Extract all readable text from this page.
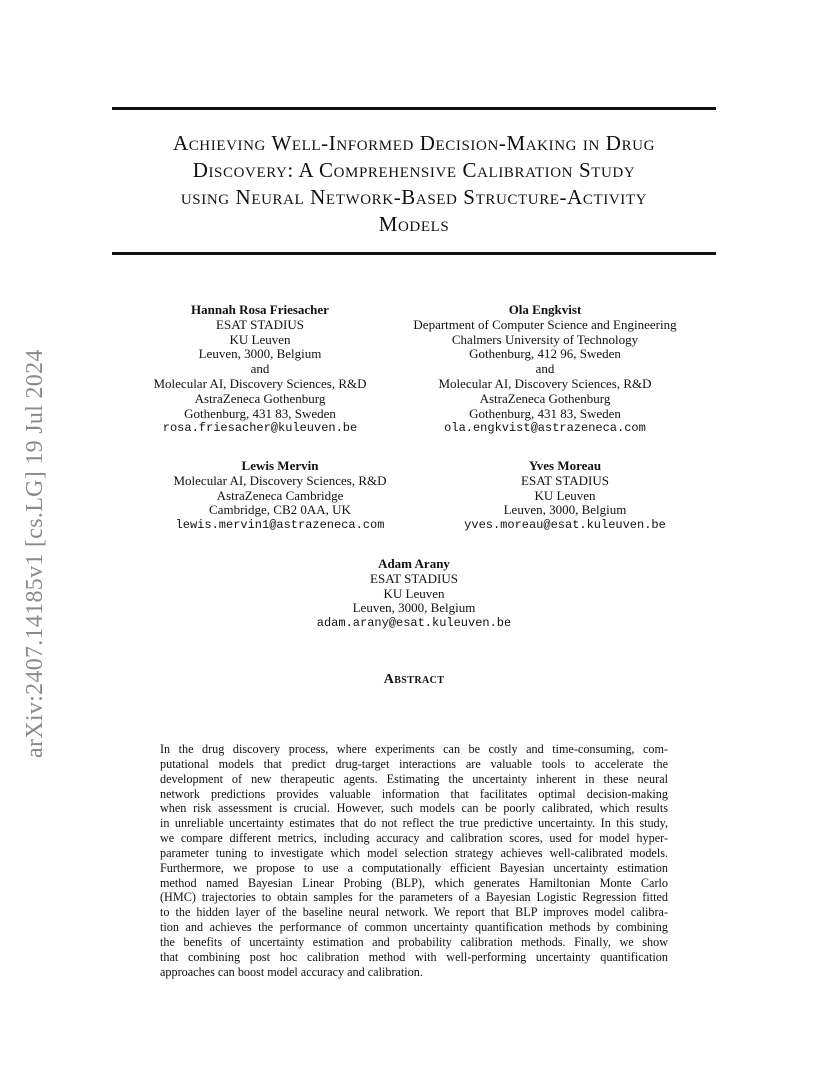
Achieving Well-Informed Decision-Making in Drug
Discovery: A Comprehensive Calibration Study
using Neural Network-Based Structure-Activity
Models
arXiv:2407.14185v1 [cs.LG] 19 Jul 2024
Hannah Rosa Friesacher
ESAT STADIUS
KU Leuven
Leuven, 3000, Belgium
and
Molecular AI, Discovery Sciences, R&D
AstraZeneca Gothenburg
Gothenburg, 431 83, Sweden
rosa.friesacher@kuleuven.be
Ola Engkvist
Department of Computer Science and Engineering
Chalmers University of Technology
Gothenburg, 412 96, Sweden
and
Molecular AI, Discovery Sciences, R&D
AstraZeneca Gothenburg
Gothenburg, 431 83, Sweden
ola.engkvist@astrazeneca.com
Lewis Mervin
Molecular AI, Discovery Sciences, R&D
AstraZeneca Cambridge
Cambridge, CB2 0AA, UK
lewis.mervin1@astrazeneca.com
Yves Moreau
ESAT STADIUS
KU Leuven
Leuven, 3000, Belgium
yves.moreau@esat.kuleuven.be
Adam Arany
ESAT STADIUS
KU Leuven
Leuven, 3000, Belgium
adam.arany@esat.kuleuven.be
Abstract
In the drug discovery process, where experiments can be costly and time-consuming, com-
putational models that predict drug-target interactions are valuable tools to accelerate the
development of new therapeutic agents. Estimating the uncertainty inherent in these neural
network predictions provides valuable information that facilitates optimal decision-making
when risk assessment is crucial. However, such models can be poorly calibrated, which results
in unreliable uncertainty estimates that do not reflect the true predictive uncertainty. In this study,
we compare different metrics, including accuracy and calibration scores, used for model hyper-
parameter tuning to investigate which model selection strategy achieves well-calibrated models.
Furthermore, we propose to use a computationally efficient Bayesian uncertainty estimation
method named Bayesian Linear Probing (BLP), which generates Hamiltonian Monte Carlo
(HMC) trajectories to obtain samples for the parameters of a Bayesian Logistic Regression fitted
to the hidden layer of the baseline neural network. We report that BLP improves model calibra-
tion and achieves the performance of common uncertainty quantification methods by combining
the benefits of uncertainty estimation and probability calibration methods. Finally, we show
that combining post hoc calibration method with well-performing uncertainty quantification
approaches can boost model accuracy and calibration.
